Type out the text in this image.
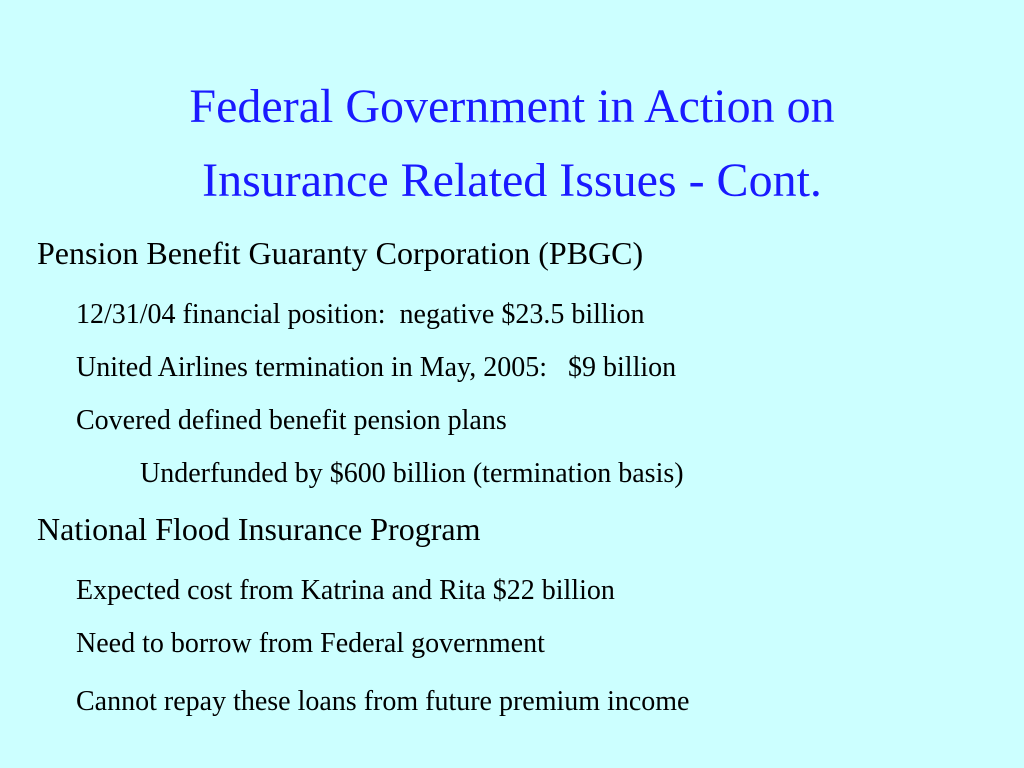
Federal Government in Action on
Insurance Related Issues - Cont.
Pension Benefit Guaranty Corporation (PBGC)
12/31/04 financial position:  negative $23.5 billion
United Airlines termination in May, 2005:   $9 billion
Covered defined benefit pension plans
Underfunded by $600 billion (termination basis)
National Flood Insurance Program
Expected cost from Katrina and Rita $22 billion
Need to borrow from Federal government
Cannot repay these loans from future premium income
